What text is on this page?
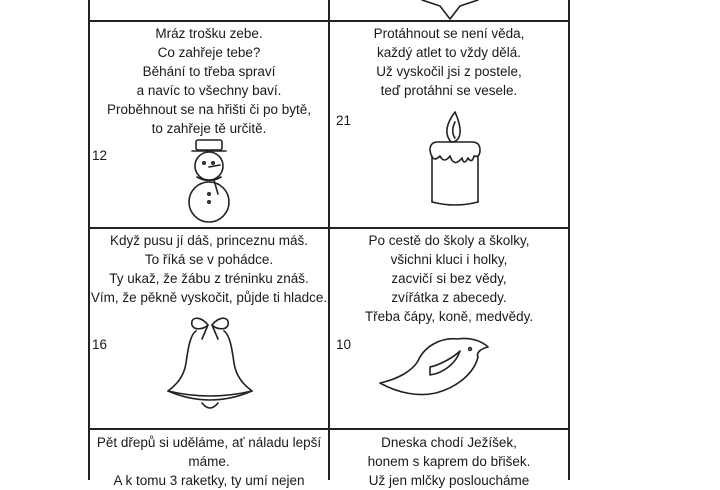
Mráz trošku zebe.
Co zahřeje tebe?
Běhání to třeba spraví
a navíc to všechny baví.
Proběhnout se na hřišti či po bytě,
to zahřeje tě určitě.
12
Protáhnout se není věda,
každý atlet to vždy dělá.
Už vyskočil jsi z postele,
teď protáhni se vesele.
21
Když pusu jí dáš, princeznu máš.
To říká se v pohádce.
Ty ukaž, že žábu z tréninku znáš.
Vím, že pěkně vyskočit, půjde ti hladce.
16
Po cestě do školy a školky,
všichni kluci i holky,
zacvičí si bez vědy,
zvířátka z abecedy.
Třeba čápy, koně, medvědy.
10
Pět dřepů si uděláme, ať náladu lepší
máme.
A k tomu 3 raketky, ty umí nejen
Dneska chodí Ježíšek,
honem s kaprem do břišek.
Už jen mlčky posloucháme
